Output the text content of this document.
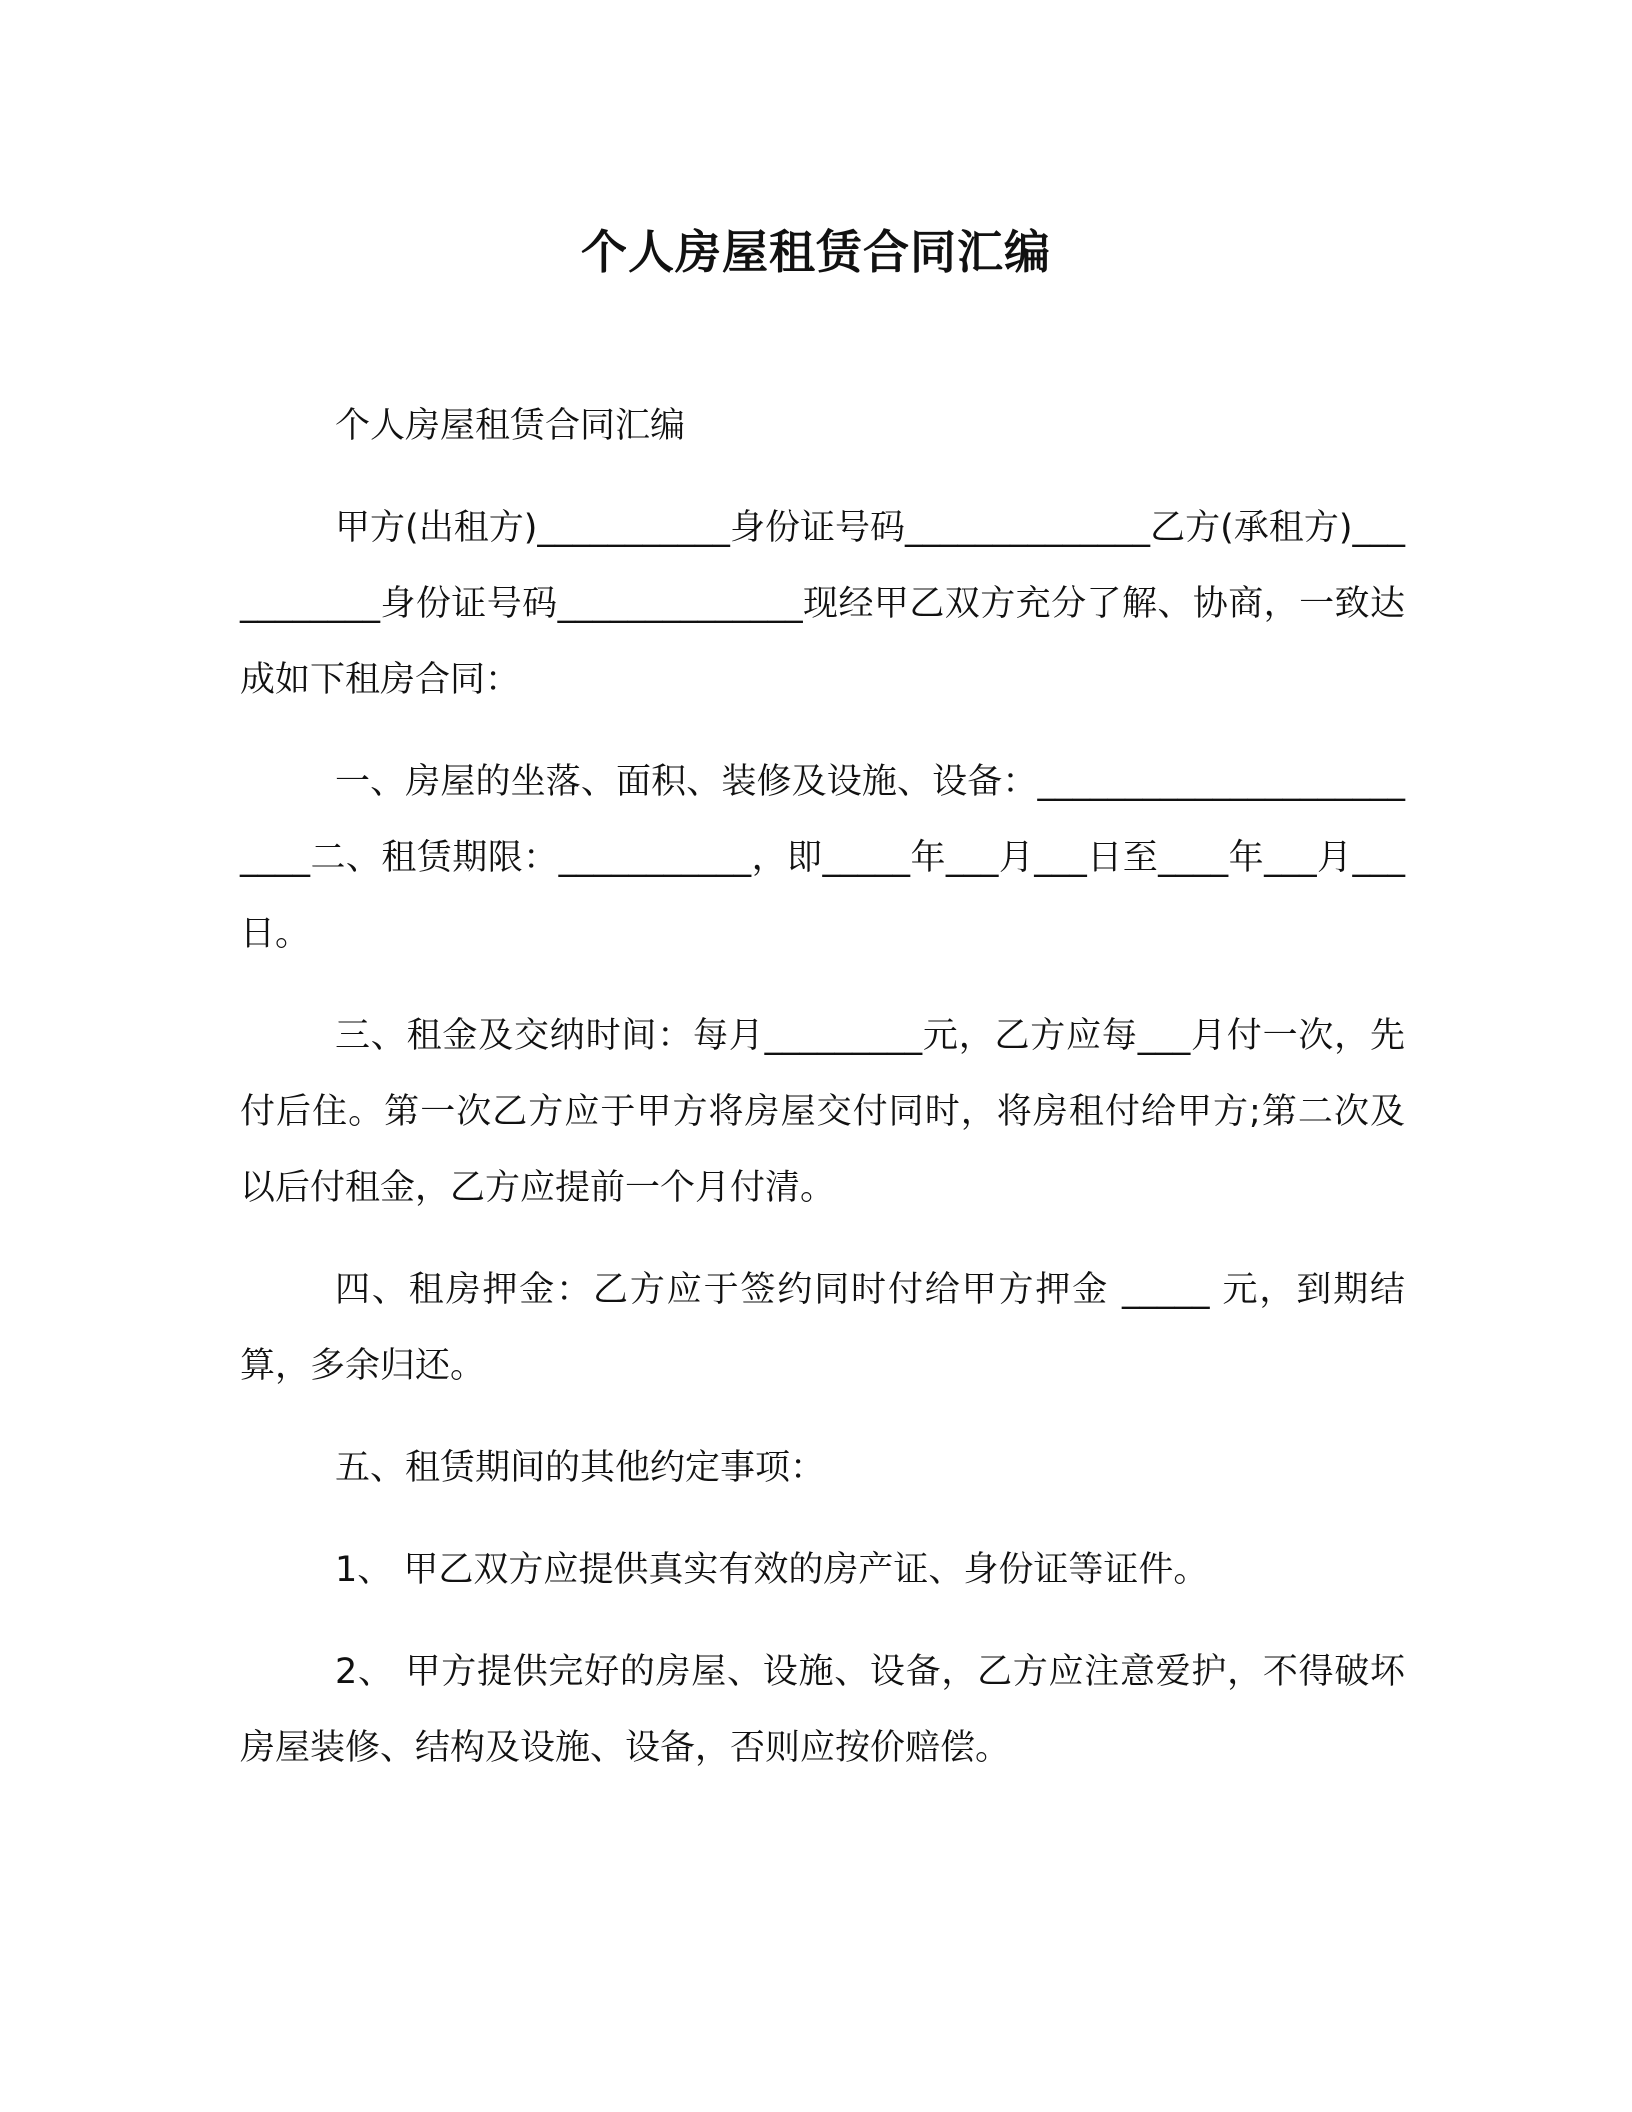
个人房屋租赁合同汇编

个人房屋租赁合同汇编

甲方(出租方)___________身份证号码______________乙方(承租方)___________身份证号码______________现经甲乙双方充分了解、协商，一致达成如下租房合同：

一、房屋的坐落、面积、装修及设施、设备：_________________________二、租赁期限：___________，即_____年___月___日至____年___月___日。

三、租金及交纳时间：每月_________元，乙方应每___月付一次，先付后住。第一次乙方应于甲方将房屋交付同时，将房租付给甲方;第二次及以后付租金，乙方应提前一个月付清。

四、租房押金：乙方应于签约同时付给甲方押金 _____ 元，到期结算，多余归还。

五、租赁期间的其他约定事项：

1、 甲乙双方应提供真实有效的房产证、身份证等证件。

2、 甲方提供完好的房屋、设施、设备，乙方应注意爱护，不得破坏房屋装修、结构及设施、设备，否则应按价赔偿。
